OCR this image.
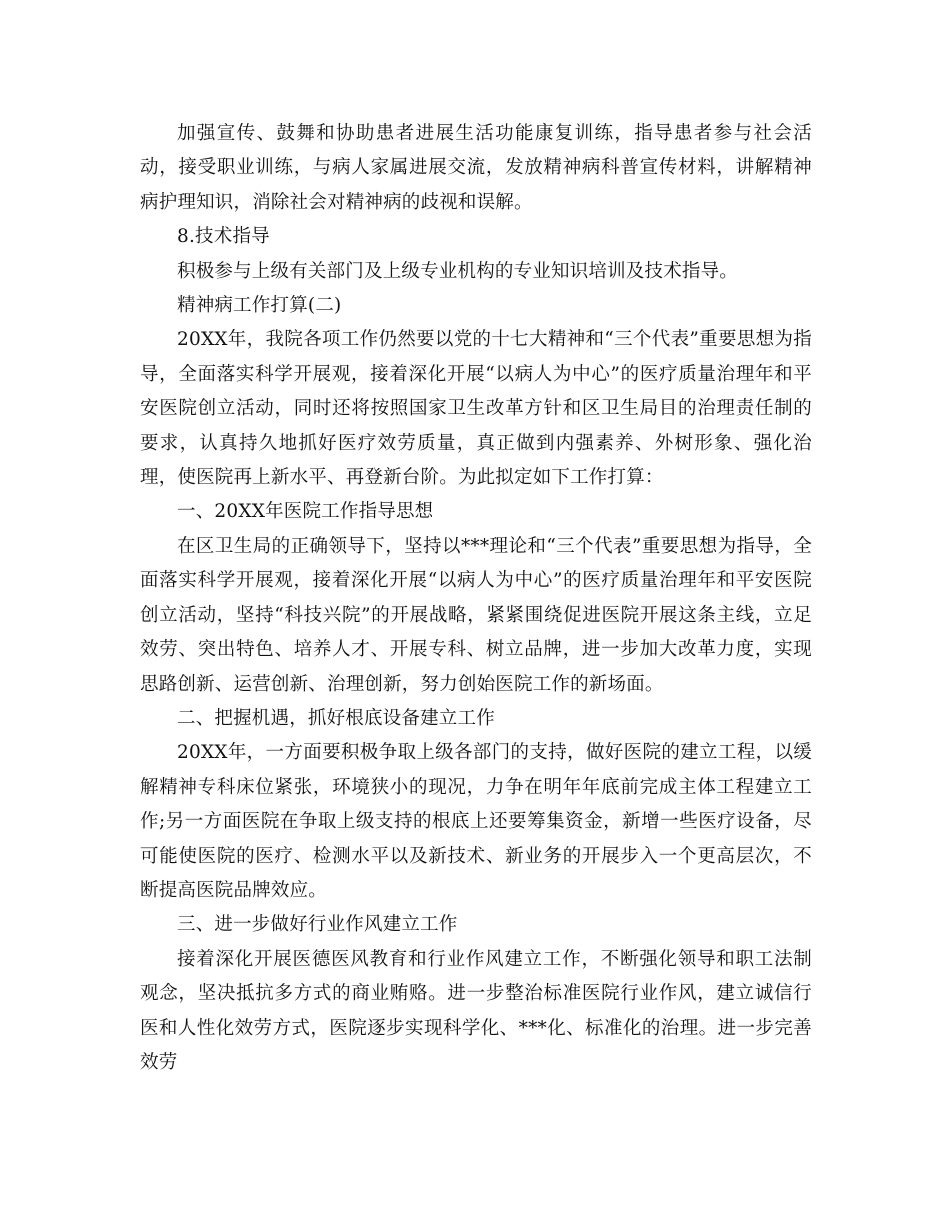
加强宣传、鼓舞和协助患者进展生活功能康复训练，指导患者参与社会活动，接受职业训练，与病人家属进展交流，发放精神病科普宣传材料，讲解精神病护理知识，消除社会对精神病的歧视和误解。

8.技术指导

积极参与上级有关部门及上级专业机构的专业知识培训及技术指导。

精神病工作打算(二)

20XX年，我院各项工作仍然要以党的十七大精神和“三个代表”重要思想为指导，全面落实科学开展观，接着深化开展“以病人为中心”的医疗质量治理年和平安医院创立活动，同时还将按照国家卫生改革方针和区卫生局目的治理责任制的要求，认真持久地抓好医疗效劳质量，真正做到内强素养、外树形象、强化治理，使医院再上新水平、再登新台阶。为此拟定如下工作打算：

一、20XX年医院工作指导思想

在区卫生局的正确领导下，坚持以***理论和“三个代表”重要思想为指导，全面落实科学开展观，接着深化开展“以病人为中心”的医疗质量治理年和平安医院创立活动，坚持“科技兴院”的开展战略，紧紧围绕促进医院开展这条主线，立足效劳、突出特色、培养人才、开展专科、树立品牌，进一步加大改革力度，实现思路创新、运营创新、治理创新，努力创始医院工作的新场面。

二、把握机遇，抓好根底设备建立工作

20XX年，一方面要积极争取上级各部门的支持，做好医院的建立工程，以缓解精神专科床位紧张，环境狭小的现况，力争在明年年底前完成主体工程建立工作;另一方面医院在争取上级支持的根底上还要筹集资金，新增一些医疗设备，尽可能使医院的医疗、检测水平以及新技术、新业务的开展步入一个更高层次，不断提高医院品牌效应。

三、进一步做好行业作风建立工作

接着深化开展医德医风教育和行业作风建立工作，不断强化领导和职工法制观念，坚决抵抗多方式的商业贿赂。进一步整治标准医院行业作风，建立诚信行医和人性化效劳方式，医院逐步实现科学化、***化、标准化的治理。进一步完善效劳
